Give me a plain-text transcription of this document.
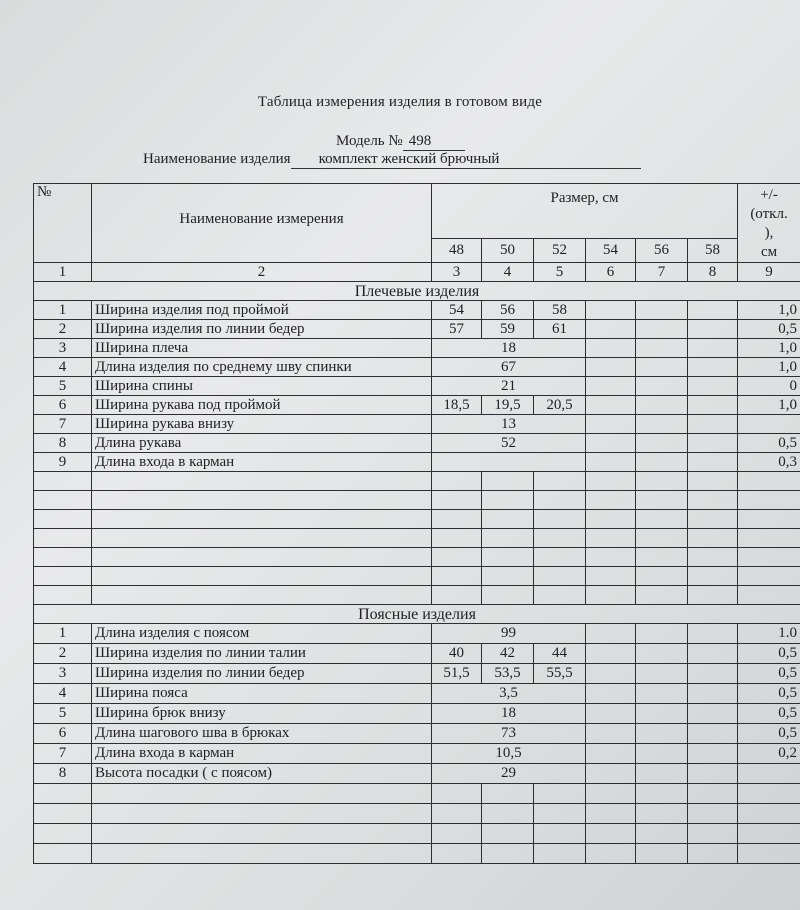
Таблица измерения изделия в готовом виде
Модель № 498
Наименование изделия комплект женский брючный
№	Наименование измерения	Размер, см						+/-
(откл.
),
см

		48	50	52	54	56	58	
1	2	3	4	5	6	7	8	9
Плечевые изделия								
1	Ширина изделия под проймой	54	56	58				1,0
2	Ширина изделия по линии бедер	57	59	61				0,5
3	Ширина плеча	18						1,0
4	Длина изделия по среднему шву спинки	67						1,0
5	Ширина спины	21						0
6	Ширина рукава под проймой	18,5	19,5	20,5				1,0
7	Ширина рукава внизу	13						
8	Длина рукава	52						0,5
9	Длина входа в карман							0,3

Поясные изделия								
1	Длина изделия с поясом	99						1.0
2	Ширина изделия по линии талии	40	42	44				0,5
3	Ширина изделия по линии бедер	51,5	53,5	55,5				0,5
4	Ширина пояса	3,5						0,5
5	Ширина брюк внизу	18						0,5
6	Длина шагового шва в брюках	73						0,5
7	Длина входа в карман	10,5						0,2
8	Высота посадки ( с поясом)	29						
